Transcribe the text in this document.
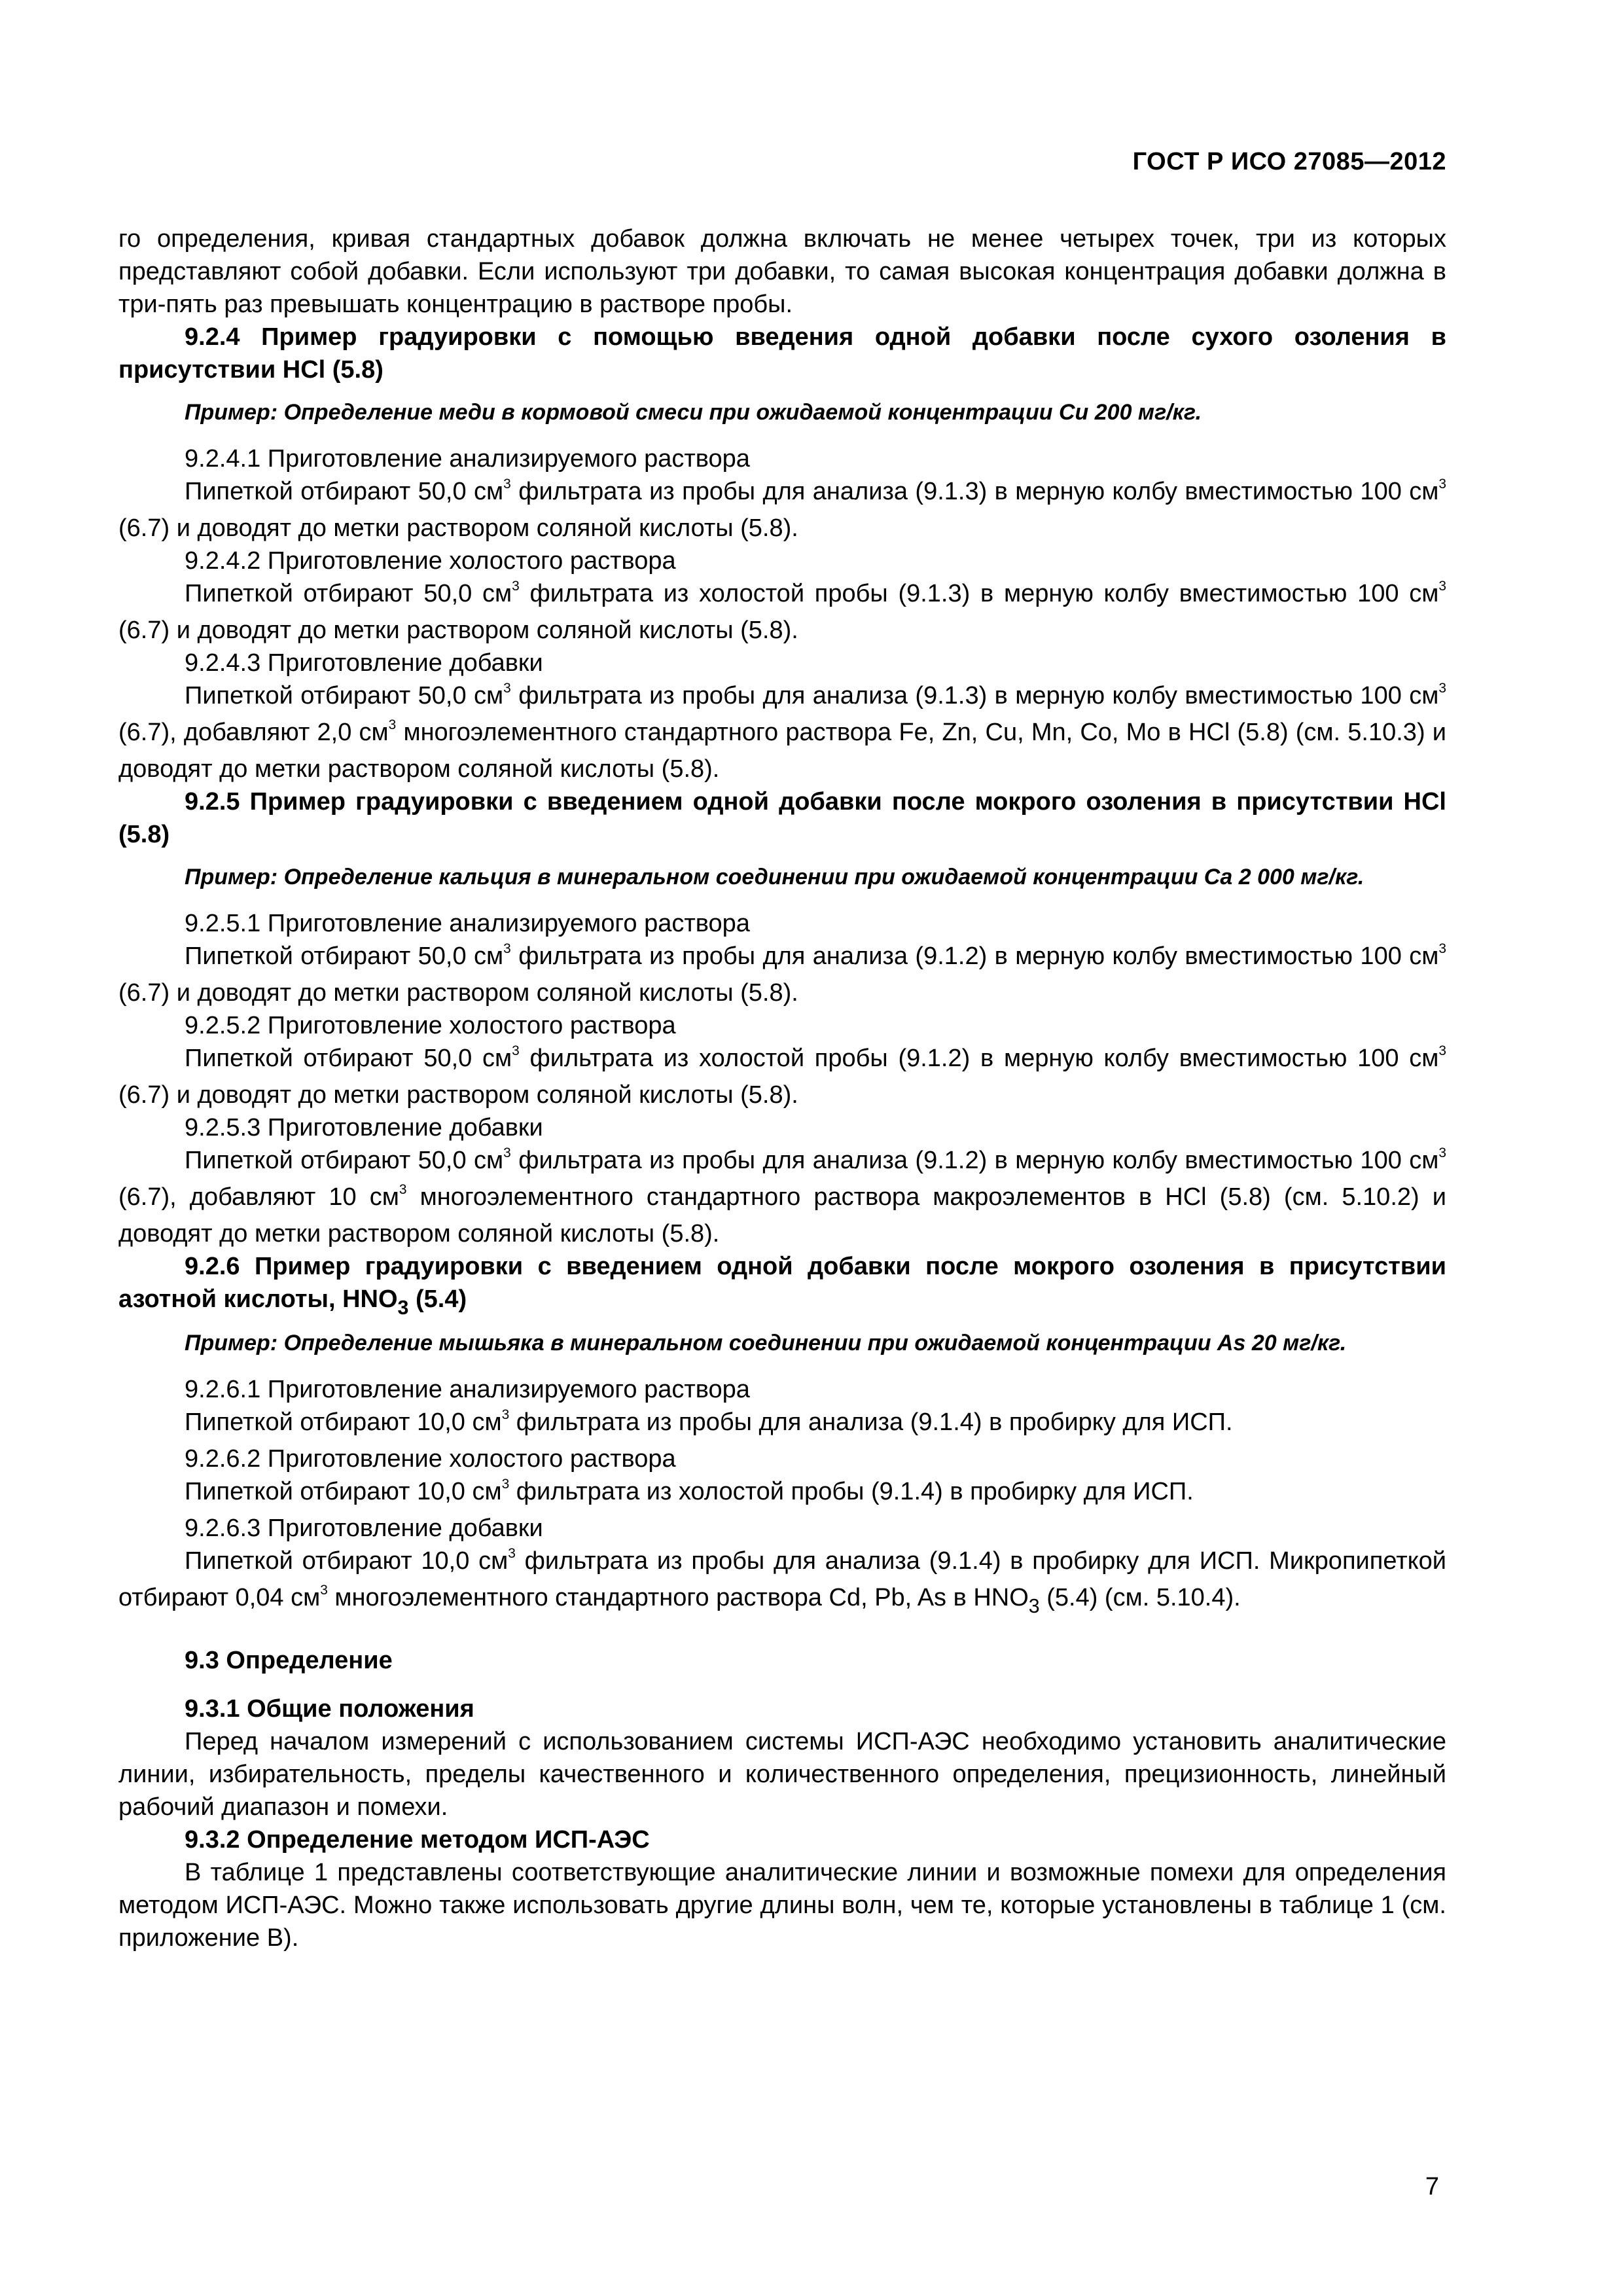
ГОСТ Р ИСО 27085—2012

го определения, кривая стандартных добавок должна включать не менее четырех точек, три из которых представляют собой добавки. Если используют три добавки, то самая высокая концентрация добавки должна в три-пять раз превышать концентрацию в растворе пробы.

9.2.4 Пример градуировки с помощью введения одной добавки после сухого озоления в присутствии HCl (5.8)

Пример: Определение меди в кормовой смеси при ожидаемой концентрации Cu 200 мг/кг.

9.2.4.1 Приготовление анализируемого раствора

Пипеткой отбирают 50,0 $см^3$ фильтрата из пробы для анализа (9.1.3) в мерную колбу вместимостью 100 $см^3$ (6.7) и доводят до метки раствором соляной кислоты (5.8).

9.2.4.2 Приготовление холостого раствора

Пипеткой отбирают 50,0 $см^3$ фильтрата из холостой пробы (9.1.3) в мерную колбу вместимостью 100 $см^3$ (6.7) и доводят до метки раствором соляной кислоты (5.8).

9.2.4.3 Приготовление добавки

Пипеткой отбирают 50,0 $см^3$ фильтрата из пробы для анализа (9.1.3) в мерную колбу вместимостью 100 $см^3$ (6.7), добавляют 2,0 $см^3$ многоэлементного стандартного раствора Fe, Zn, Cu, Mn, Co, Mo в HCl (5.8) (см. 5.10.3) и доводят до метки раствором соляной кислоты (5.8).

9.2.5 Пример градуировки с введением одной добавки после мокрого озоления в присутствии HCl (5.8)

Пример: Определение кальция в минеральном соединении при ожидаемой концентрации Ca 2 000 мг/кг.

9.2.5.1 Приготовление анализируемого раствора

Пипеткой отбирают 50,0 $см^3$ фильтрата из пробы для анализа (9.1.2) в мерную колбу вместимостью 100 $см^3$ (6.7) и доводят до метки раствором соляной кислоты (5.8).

9.2.5.2 Приготовление холостого раствора

Пипеткой отбирают 50,0 $см^3$ фильтрата из холостой пробы (9.1.2) в мерную колбу вместимостью 100 $см^3$ (6.7) и доводят до метки раствором соляной кислоты (5.8).

9.2.5.3 Приготовление добавки

Пипеткой отбирают 50,0 $см^3$ фильтрата из пробы для анализа (9.1.2) в мерную колбу вместимостью 100 $см^3$ (6.7), добавляют 10 $см^3$ многоэлементного стандартного раствора макроэлементов в HCl (5.8) (см. 5.10.2) и доводят до метки раствором соляной кислоты (5.8).

9.2.6 Пример градуировки с введением одной добавки после мокрого озоления в присутствии азотной кислоты, $HNO_3$ (5.4)

Пример: Определение мышьяка в минеральном соединении при ожидаемой концентрации As 20 мг/кг.

9.2.6.1 Приготовление анализируемого раствора

Пипеткой отбирают 10,0 $см^3$ фильтрата из пробы для анализа (9.1.4) в пробирку для ИСП.

9.2.6.2 Приготовление холостого раствора

Пипеткой отбирают 10,0 $см^3$ фильтрата из холостой пробы (9.1.4) в пробирку для ИСП.

9.2.6.3 Приготовление добавки

Пипеткой отбирают 10,0 $см^3$ фильтрата из пробы для анализа (9.1.4) в пробирку для ИСП. Микропипеткой отбирают 0,04 $см^3$ многоэлементного стандартного раствора Cd, Pb, As в $HNO_3$ (5.4) (см. 5.10.4).

9.3 Определение

9.3.1 Общие положения

Перед началом измерений с использованием системы ИСП-АЭС необходимо установить аналитические линии, избирательность, пределы качественного и количественного определения, прецизионность, линейный рабочий диапазон и помехи.

9.3.2 Определение методом ИСП-АЭС

В таблице 1 представлены соответствующие аналитические линии и возможные помехи для определения методом ИСП-АЭС. Можно также использовать другие длины волн, чем те, которые установлены в таблице 1 (см. приложение В).

7
